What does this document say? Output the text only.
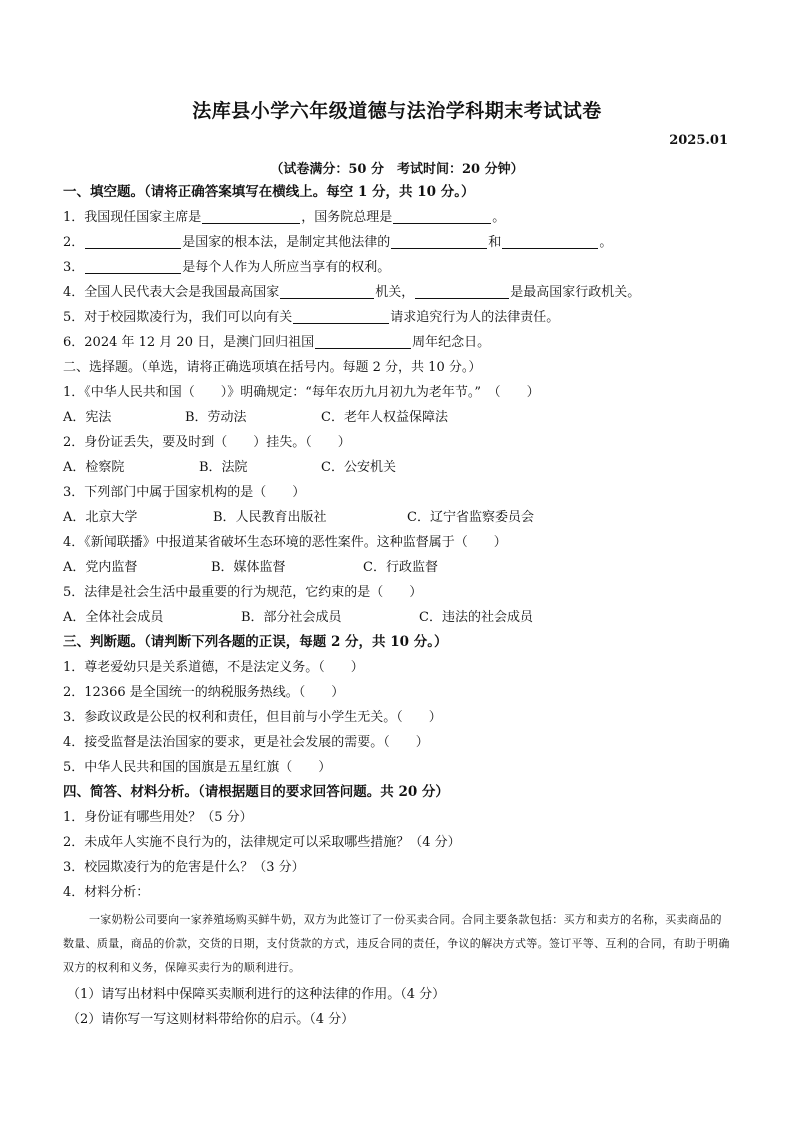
法库县小学六年级道德与法治学科期末考试试卷
2025.01
（试卷满分：50 分　考试时间：20 分钟）
一、填空题。（请将正确答案填写在横线上。每空 1 分，共 10 分。）
1．我国现任国家主席是	，国务院总理是	。
2．	是国家的根本法，是制定其他法律的	和	。
3．	是每个人作为人所应当享有的权利。
4．全国人民代表大会是我国最高国家	机关，	是最高国家行政机关。
5．对于校园欺凌行为，我们可以向有关	请求追究行为人的法律责任。
6．2024 年 12 月 20 日，是澳门回归祖国	周年纪念日。
二、选择题。（单选，请将正确选项填在括号内。每题 2 分，共 10 分。）
1．《中华人民共和国（　　）》明确规定：“每年农历九月初九为老年节。”　（　　）
A．宪法	B．劳动法	C．老年人权益保障法
2．身份证丢失，要及时到（　　）挂失。（　　）
A．检察院	B．法院	C．公安机关
3．下列部门中属于国家机构的是（　　）
A．北京大学	B．人民教育出版社	C．辽宁省监察委员会
4．《新闻联播》中报道某省破坏生态环境的恶性案件。这种监督属于（　　）
A．党内监督	B．媒体监督	C．行政监督
5．法律是社会生活中最重要的行为规范，它约束的是（　　）
A．全体社会成员	B．部分社会成员	C．违法的社会成员
三、判断题。（请判断下列各题的正误，每题 2 分，共 10 分。）
1．尊老爱幼只是关系道德，不是法定义务。（　　）
2．12366 是全国统一的纳税服务热线。（　　）
3．参政议政是公民的权利和责任，但目前与小学生无关。（　　）
4．接受监督是法治国家的要求，更是社会发展的需要。（　　）
5．中华人民共和国的国旗是五星红旗（　　）
四、简答、材料分析。（请根据题目的要求回答问题。共 20 分）
1．身份证有哪些用处？（5 分）
2．未成年人实施不良行为的，法律规定可以采取哪些措施？（4 分）
3．校园欺凌行为的危害是什么？（3 分）
4．材料分析：
一家奶粉公司要向一家养殖场购买鲜牛奶，双方为此签订了一份买卖合同。合同主要条款包括：买方和卖方的名称，买卖商品的数量、质量，商品的价款，交货的日期，支付货款的方式，违反合同的责任，争议的解决方式等。签订平等、互利的合同，有助于明确双方的权利和义务，保障买卖行为的顺利进行。
（1）请写出材料中保障买卖顺利进行的这种法律的作用。（4 分）
（2）请你写一写这则材料带给你的启示。（4 分）
